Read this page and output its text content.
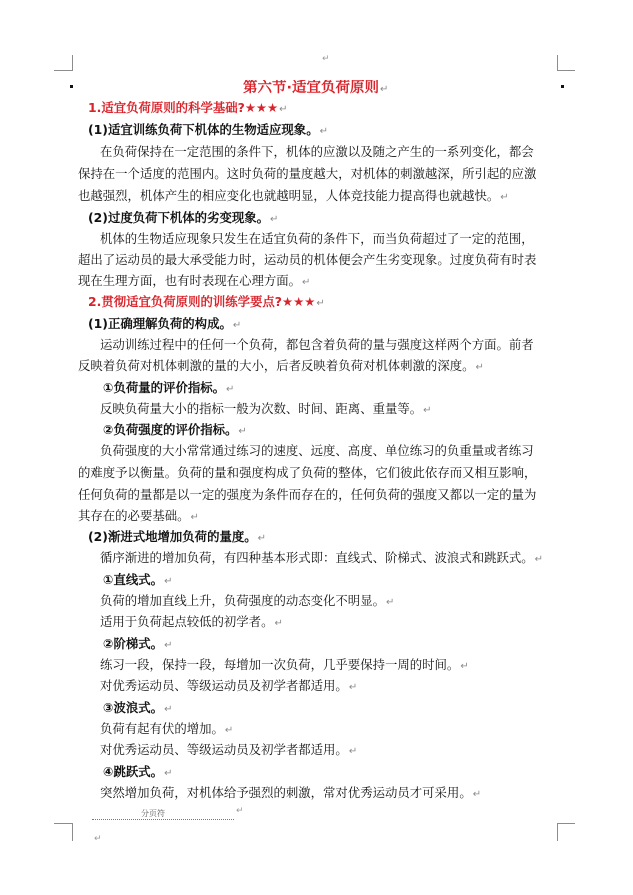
↵
第六节·适宜负荷原则↵
1.适宜负荷原则的科学基础?★★★↵
(1)适宜训练负荷下机体的生物适应现象。↵
在负荷保持在一定范围的条件下，机体的应激以及随之产生的一系列变化，都会
保持在一个适度的范围内。这时负荷的量度越大，对机体的刺激越深，所引起的应激
也越强烈，机体产生的相应变化也就越明显，人体竞技能力提高得也就越快。↵
(2)过度负荷下机体的劣变现象。↵
机体的生物适应现象只发生在适宜负荷的条件下，而当负荷超过了一定的范围，
超出了运动员的最大承受能力时，运动员的机体便会产生劣变现象。过度负荷有时表
现在生理方面，也有时表现在心理方面。↵
2.贯彻适宜负荷原则的训练学要点?★★★↵
(1)正确理解负荷的构成。↵
运动训练过程中的任何一个负荷，都包含着负荷的量与强度这样两个方面。前者
反映着负荷对机体刺激的量的大小，后者反映着负荷对机体刺激的深度。↵
①负荷量的评价指标。↵
反映负荷量大小的指标一般为次数、时间、距离、重量等。↵
②负荷强度的评价指标。↵
负荷强度的大小常常通过练习的速度、远度、高度、单位练习的负重量或者练习
的难度予以衡量。负荷的量和强度构成了负荷的整体，它们彼此依存而又相互影响，
任何负荷的量都是以一定的强度为条件而存在的，任何负荷的强度又都以一定的量为
其存在的必要基础。↵
(2)渐进式地增加负荷的量度。↵
循序渐进的增加负荷，有四种基本形式即：直线式、阶梯式、波浪式和跳跃式。↵
①直线式。↵
负荷的增加直线上升，负荷强度的动态变化不明显。↵
适用于负荷起点较低的初学者。↵
②阶梯式。↵
练习一段，保持一段，每增加一次负荷，几乎要保持一周的时间。↵
对优秀运动员、等级运动员及初学者都适用。↵
③波浪式。↵
负荷有起有伏的增加。↵
对优秀运动员、等级运动员及初学者都适用。↵
④跳跃式。↵
突然增加负荷，对机体给予强烈的刺激，常对优秀运动员才可采用。↵
分页符	↵
↵
